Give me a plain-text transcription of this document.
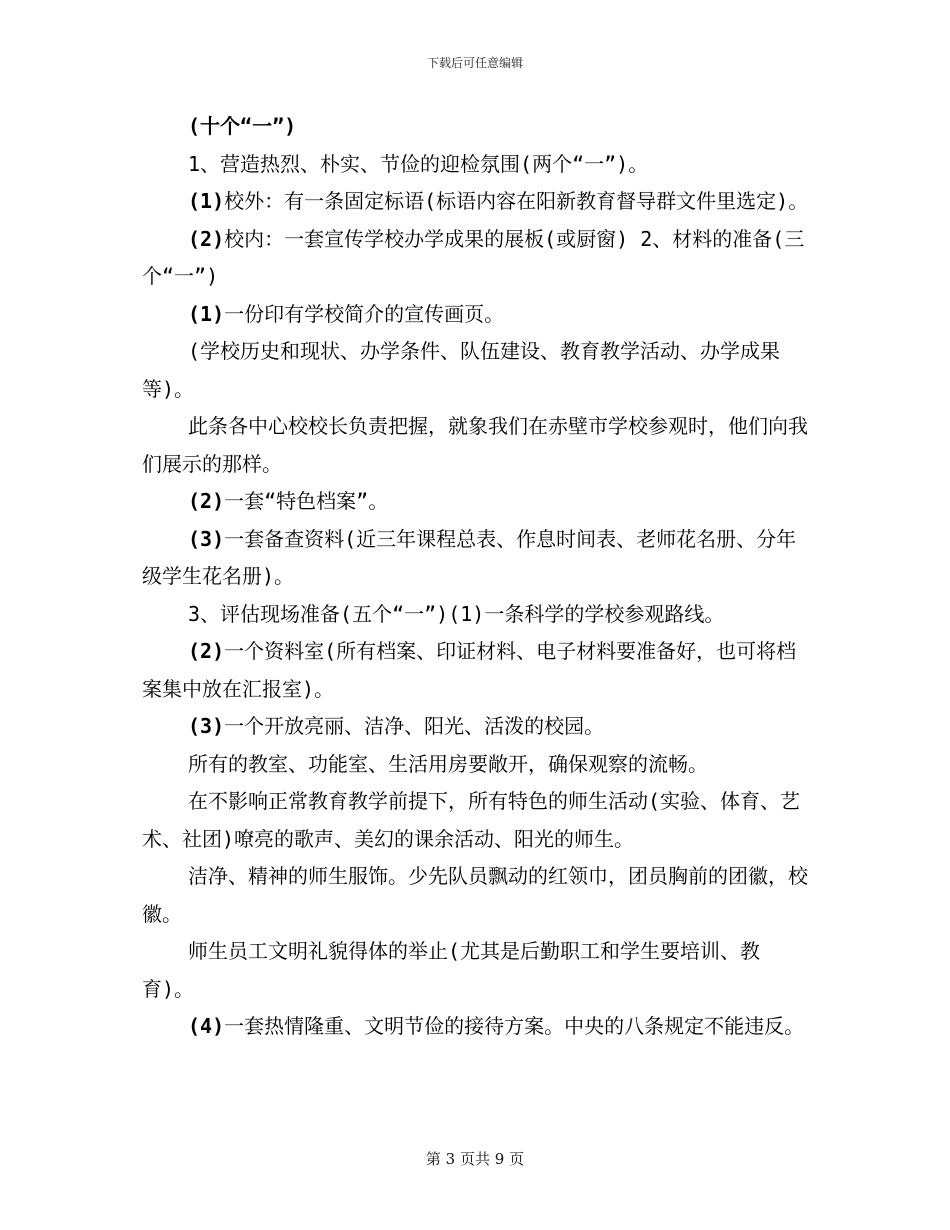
下载后可任意编辑

(十个“一”)

1、营造热烈、朴实、节俭的迎检氛围(两个“一”)。

(1)校外：有一条固定标语(标语内容在阳新教育督导群文件里选定)。

(2)校内：一套宣传学校办学成果的展板(或厨窗) 2、材料的准备(三个“一”)

(1)一份印有学校简介的宣传画页。

(学校历史和现状、办学条件、队伍建设、教育教学活动、办学成果等)。

此条各中心校校长负责把握，就象我们在赤壁市学校参观时，他们向我们展示的那样。

(2)一套“特色档案”。

(3)一套备查资料(近三年课程总表、作息时间表、老师花名册、分年级学生花名册)。

3、评估现场准备(五个“一”)(1)一条科学的学校参观路线。

(2)一个资料室(所有档案、印证材料、电子材料要准备好，也可将档案集中放在汇报室)。

(3)一个开放亮丽、洁净、阳光、活泼的校园。

所有的教室、功能室、生活用房要敞开，确保观察的流畅。

在不影响正常教育教学前提下，所有特色的师生活动(实验、体育、艺术、社团)嘹亮的歌声、美幻的课余活动、阳光的师生。

洁净、精神的师生服饰。少先队员飘动的红领巾，团员胸前的团徽，校徽。

师生员工文明礼貌得体的举止(尤其是后勤职工和学生要培训、教育)。

(4)一套热情隆重、文明节俭的接待方案。中央的八条规定不能违反。

第 3 页共 9 页
